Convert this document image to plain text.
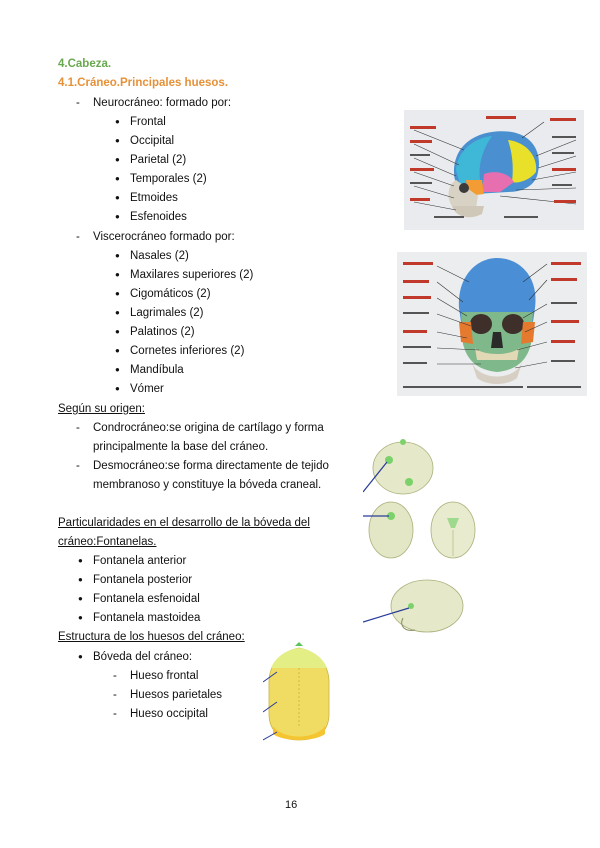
4.Cabeza.
4.1.Cráneo.Principales huesos.
- Neurocráneo: formado por:
● Frontal
● Occipital
● Parietal (2)
● Temporales (2)
● Etmoides
● Esfenoides
- Viscerocráneo formado por:
● Nasales (2)
● Maxilares superiores (2)
● Cigomáticos (2)
● Lagrimales (2)
● Palatinos (2)
● Cornetes inferiores (2)
● Mandíbula
● Vómer
Según su origen:
- Condrocráneo:se origina de cartílago y forma
principalmente la base del cráneo.
- Desmocráneo:se forma directamente de tejido
membranoso y constituye la bóveda craneal.
Particularidades en el desarrollo de la bóveda del
cráneo:Fontanelas.
● Fontanela anterior
● Fontanela posterior
● Fontanela esfenoidal
● Fontanela mastoidea
Estructura de los huesos del cráneo:
● Bóveda del cráneo:
- Hueso frontal
- Huesos parietales
- Hueso occipital
16
